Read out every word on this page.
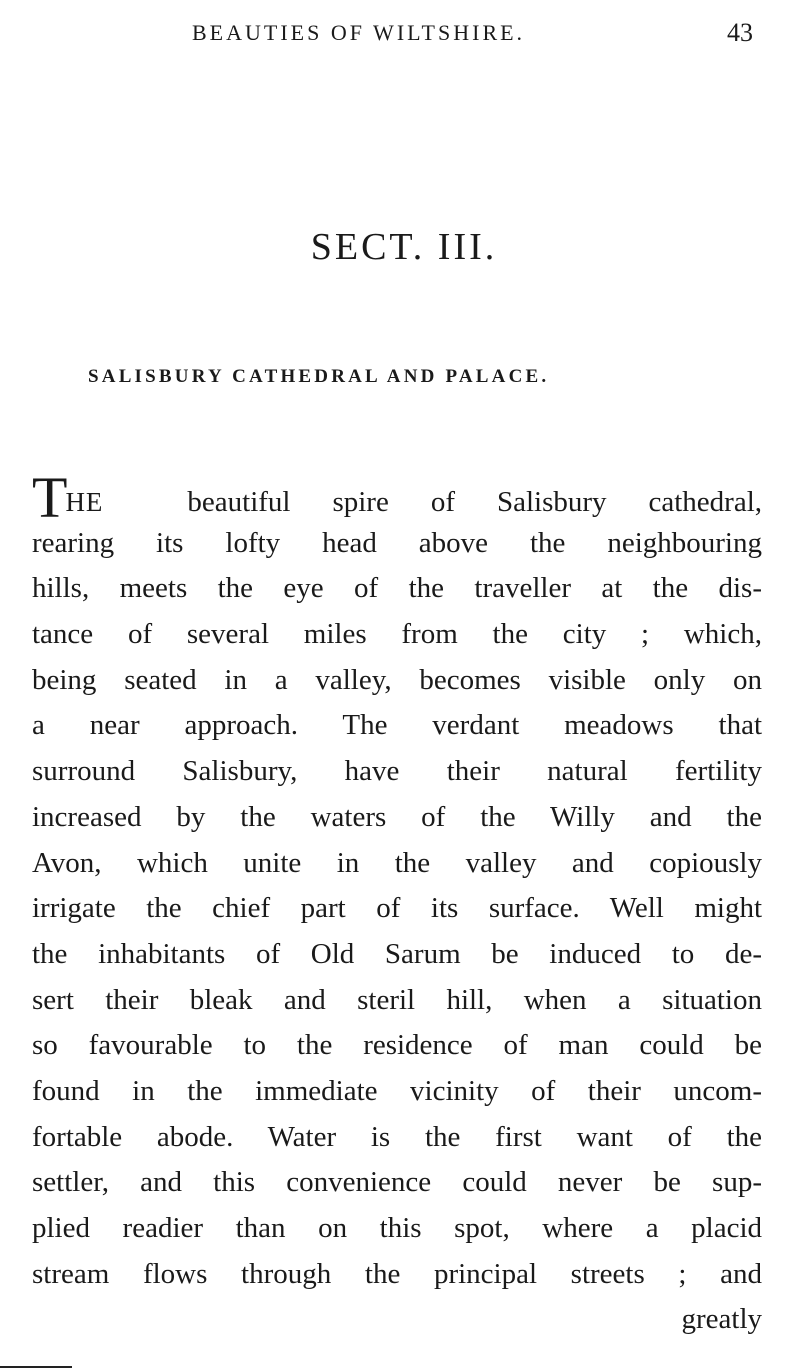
BEAUTIES OF WILTSHIRE.	43
SECT. III.
SALISBURY CATHEDRAL AND PALACE.
THE	beautiful spire of Salisbury cathedral,
rearing its lofty head above the neighbouring
hills, meets the eye of the traveller at the dis-
tance of several miles from the city ; which,
being seated in a valley, becomes visible only on
a near approach. The verdant meadows that
surround Salisbury, have their natural fertility
increased by the waters of the Willy and the
Avon, which unite in the valley and copiously
irrigate the chief part of its surface. Well might
the inhabitants of Old Sarum be induced to de-
sert their bleak and steril hill, when a situation
so favourable to the residence of man could be
found in the immediate vicinity of their uncom-
fortable abode. Water is the first want of the
settler, and this convenience could never be sup-
plied readier than on this spot, where a placid
stream flows through the principal streets ; and
greatly
